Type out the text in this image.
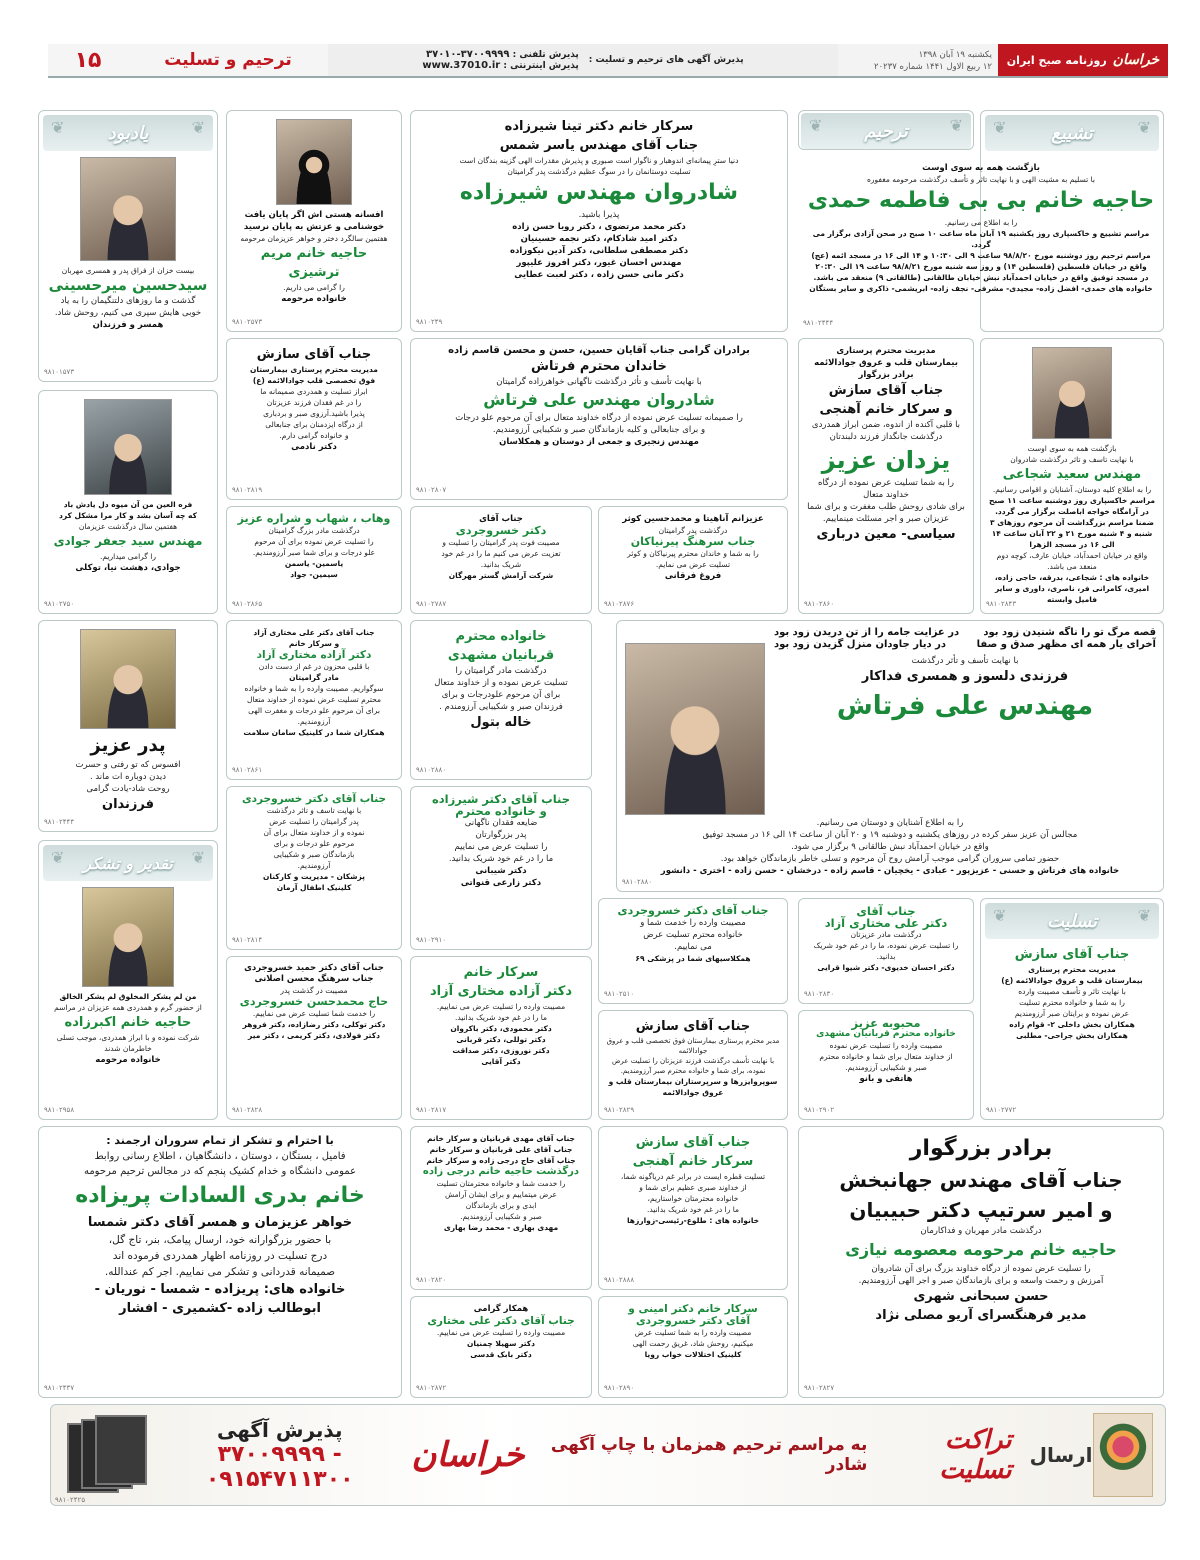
خراسان
روزنامه صبح ایران
یکشنبه ۱۹ آبان ۱۳۹۸
۱۲ ربیع الاول ۱۴۴۱ شماره ۲۰۲۳۷
پذیرش آگهی های ترحیم و تسلیت :
پذیرش تلفنی : ۳۷۰۰۹۹۹۹-۳۷۰۱۰
پذیرش اینترنتی : www.37010.ir
ترحیم و تسلیت
۱۵
❦ تشییع ❦
❦ ترحیم ❦
بازگشت همه به سوی اوست
با تسلیم به مشیت الهی و با نهایت تاثر و تأسف درگذشت مرحومه مغفوره
حاجیه خانم بی بی فاطمه حمدی
را به اطلاع می رسانیم.
مراسم تشییع و خاکسپاری روز یکشنبه ۱۹ آبان ماه ساعت ۱۰ صبح در صحن آزادی برگزار می گردد.
مراسم ترحیم روز دوشنبه مورخ ۹۸/۸/۲۰ ساعت ۹ الی ۱۰:۳۰ و ۱۴ الی ۱۶ در مسجد ائمه (عج)
واقع در خیابان فلسطین (فلسطین ۱۴) و روز سه شنبه مورخ ۹۸/۸/۲۱ ساعت ۱۹ الی ۲۰:۳۰
در مسجد توفیق واقع در خیابان احمدآباد نبش خیابان طالقانی (طالقانی ۹) منعقد می باشد.
خانواده های حمدی- افضل زاده- مجیدی- مشرفی- نجف زاده- ابریشمی- ذاکری و سایر بستگان
۹۸۱۰۲۴۴۴
سرکار خانم دکتر تینا شیرزاده
جناب آقای مهندس یاسر شمس
دنیا سترِ پیمانه‌ای اندوهبار و ناگوار است صبوری و پذیرش مقدرات الهی گزینه بندگان است
تسلیت دوستانمان را در سوگ عظیم درگذشت پدر گرامیتان
شادروان مهندس شیرزاده
پذیرا باشید.
دکتر محمد مرتضوی ، دکتر رویا حسن زاده
دکتر امید شادکام، دکتر نجمه حسینیان
دکتر مصطفی سلطانی، دکتر آدین نیکوزاده
مهندس احسان غیور، دکتر افروز علیپور
دکتر مانی حسن زاده ، دکتر لعبت عطایی
۹۸۱۰۲۴۹
افسانه هستی اش اگر پایان یافت
خوشنامی و عزتش به پایان نرسید
هفتمین سالگرد دختر و خواهر عزیزمان مرحومه
حاجیه خانم مریم ترشیزی
را گرامی می داریم.
خانواده مرحومه
۹۸۱۰۲۵۷۳
❦ یادبود ❦
بیست خزان از فراق پدر و همسری مهربان
سیدحسین میرحسینی
گذشت و ما روزهای دلتنگیمان را به یاد
خوبی هایش سپری می کنیم، روحش شاد.
همسر و فرزندان
۹۸۱۰۱۵۷۳
بازگشت همه به سوی اوست
با نهایت تاسف و تاثر درگذشت شادروان
مهندس سعید شجاعی
را به اطلاع کلیه دوستان، آشنایان و اقوامی رسانیم.
مراسم خاکسپاری روز دوشنبه ساعت ۱۱ صبح در آرامگاه خواجه اباصلت برگزار می گردد.
ضمنا مراسم بزرگداشت آن مرحوم روزهای ۳ شنبه و ۴ شنبه مورخ ۲۱ و ۲۲ آبان ساعت ۱۴ الی ۱۶ در مسجد الزهرا
واقع در خیابان احمدآباد، خیابان عارف، کوچه دوم منعقد می باشد.
خانواده های : شجاعی، بدرقه، حاجی زاده، امیری، کامرانی فر، ناصری، داوری و سایر فامیل وابسته
۹۸۱۰۲۸۴۳
مدیریت محترم پرستاری
بیمارستان قلب و عروق جوادالائمه
برادر بزرگوار
جناب آقای سازش
و سرکار خانم آهنجی
با قلبی آکنده از اندوه، ضمن ابراز همدردی
درگذشت جانگداز فرزند دلبندتان
یزدان عزیز
را به شما تسلیت عرض نموده از درگاه خداوند متعال
برای شادی روحش طلب مغفرت و برای شما
عزیزان صبر و اجر مسئلت مینماییم.
سیاسی- معین درباری
۹۸۱۰۲۸۶۰
برادران گرامی جناب آقایان حسین، حسن و محسن قاسم زاده
خاندان محترم فرتاش
با نهایت تأسف و تأثر درگذشت ناگهانی خواهرزاده گرامیتان
شادروان مهندس علی فرتاش
را صمیمانه تسلیت عرض نموده از درگاه خداوند متعال برای آن مرحوم علو درجات
و برای جنابعالی و کلیه بازماندگان صبر و شکیبایی آرزومندیم.
مهندس زنجیری و جمعی از دوستان و همکلاسان
۹۸۱۰۲۸۰۷
جناب آقای سازش
مدیریت محترم پرستاری بیمارستان
فوق تخصصی قلب جوادالائمه (ع)
ابراز تسلیت و همدردی صمیمانه ما
را در غم فقدان فرزند عزیزتان
پذیرا باشید.آرزوی صبر و بردباری
از درگاه ایزدمنان برای جنابعالی
و خانواده گرامی دارم.
دکتر نادمی
۹۸۱۰۲۸۱۹
فره العین من آن میوه دل یادش باد
که چه آسان بشد و کار مرا مشکل کرد
هفتمین سال درگذشت عزیزمان
مهندس سید جعفر جوادی
را گرامی میداریم.
جوادی، دهشت نیا، توکلی
۹۸۱۰۲۷۵۰
عزیزانم آناهیتا و محمدحسین کوثر
درگذشت پدر گرامیتان
جناب سرهنگ پیرنیاکان
را به شما و خاندان محترم پیرنیاکان و کوثر
تسلیت عرض می نمایم.
فروغ فرقانی
۹۸۱۰۲۸۷۶
جناب آقای
دکتر خسروجردی
مصیبت فوت پدر گرامیتان را تسلیت و
تعزیت عرض می کنیم ما را در غم خود
شریک بدانید.
شرکت آرامش گستر مهرگان
۹۸۱۰۲۷۸۷
وهاب ، شهاب و شراره عزیز
درگذشت مادر بزرگ گرامیتان
را تسلیت عرض نموده برای آن مرحوم
علو درجات و برای شما صبر آرزومندیم.
یاسمین- یاسمن
سیمین- جواد
۹۸۱۰۲۸۶۵
قصه مرگ تو را ناگه شنیدن زود بود
در عزایت جامه را از تن دریدن زود بود
آخرای یار همه ای مظهر صدق و صفا
در دیار جاودان منزل گزیدن زود بود
با نهایت تأسف و تأثر درگذشت
فرزندی دلسوز و همسری فداکار
مهندس علی فرتاش
را به اطلاع آشنایان و دوستان می رسانیم.
مجالس آن عزیز سفر کرده در روزهای یکشنبه و دوشنبه ۱۹ و ۲۰ آبان از ساعت ۱۴ الی ۱۶ در مسجد توفیق
واقع در خیابان احمدآباد نبش طالقانی ۹ برگزار می شود.
حضور تمامی سروران گرامی موجب آرامش روح آن مرحوم و تسلی خاطر بازماندگان خواهد بود.
خانواده های فرتاش و حسنی - عزیزپور - عبادی - یخچیان - قاسم زاده - درخشان - حسن زاده - اختری - دانشور
۹۸۱۰۲۸۸۰
خانواده محترم
قربانیان مشهدی
درگذشت مادر گرامیتان را
تسلیت عرض نموده و از خداوند متعال
برای آن مرحوم علودرجات و برای
فرزندان صبر و شکیبایی آرزومندم .
خاله بتول
۹۸۱۰۲۸۸۰
جناب آقای دکتر علی مختاری آزاد
و سرکار خانم
دکتر آزاده مختاری آزاد
با قلبی محزون در غم از دست دادن
مادر گرامیتان
سوگواریم. مصیبت وارده را به شما و خانواده
محترم تسلیت عرض نموده از خداوند متعال
برای آن مرحوم علو درجات و مغفرت الهی آرزومندیم.
همکاران شما در کلینیک سامان سلامت
۹۸۱۰۲۸۶۱
پدر عزیز
افسوس که تو رفتی و حسرت
دیدن دوباره ات ماند .
روحت شاد-یادت گرامی
فرزندان
۹۸۱۰۲۴۴۴
جناب آقای دکتر شیرزاده
و خانواده محترم
ضایعه فقدان ناگهانی
پدر بزرگوارتان
را تسلیت عرض می نماییم
ما را در غم خود شریک بدانید.
دکتر شیبانی
دکتر زارعی قنواتی
۹۸۱۰۲۹۱۰
جناب آقای دکتر خسروجردی
با نهایت تاسف و تاثر درگذشت
پدر گرامیتان را تسلیت عرض
نموده و از خداوند متعال برای آن
مرحوم علو درجات و برای
بازماندگان صبر و شکیبایی
آرزومندیم.
پزشکان - مدیریت و کارکنان
کلینیک اطفال آرمان
۹۸۱۰۲۸۱۴
❦ تقدیر و تشکر ❦
من لم یشکر المخلوق لم یشکر الخالق
از حضور گرم و همدردی همه عزیزان در مراسم
حاجیه خانم اکبرزاده
شرکت نموده و با ابراز همدردی، موجب تسلی خاطرمان شدند
خانواده مرحومه
۹۸۱۰۲۹۵۸
❦ تسلیت ❦
جناب آقای سازش
مدیریت محترم پرستاری
بیمارستان قلب و عروق جوادالائمه (ع)
با نهایت تاثر و تأسف مصیبت وارده
را به شما و خانواده محترم تسلیت
عرض نموده و برایتان صبر آرزومندیم
همکاران بخش داخلی ۲- قوام زاده
همکاران بخش جراحی- مطلبی
۹۸۱۰۲۷۷۲
جناب آقای
دکتر علی مختاری آزاد
درگذشت مادر عزیزتان
را تسلیت عرض نموده، ما را در غم خود شریک بدانید.
دکتر احسان خدیوی- دکتر شیوا قرایی
۹۸۱۰۲۸۳۰
جناب آقای دکتر خسروجردی
مصیبت وارده را خدمت شما و
خانواده محترم تسلیت عرض
می نماییم.
همکلاسیهای شما در پزشکی ۶۹
۹۸۱۰۲۵۱۰
محبوبه عزیز
خانواده محترم قربانیان مشهدی
مصیبت وارده را تسلیت عرض نموده
از خداوند متعال برای شما و خانواده محترم
صبر و شکیبایی آرزومندیم.
هاتفی و بانو
۹۸۱۰۲۹۰۲
جناب آقای سازش
مدیر محترم پرستاری بیمارستان فوق تخصصی قلب و عروق جوادالائمه
با نهایت تأسف درگذشت فرزند عزیزتان را تسلیت عرض نموده، برای شما و خانواده محترم صبر آرزومندیم.
سوپروایزرها و سرپرستاران بیمارستان قلب و
عروق جوادالائمه
۹۸۱۰۲۸۲۹
سرکار خانم
دکتر آزاده مختاری آزاد
مصیبت وارده را تسلیت عرض می نماییم.
ما را در غم خود شریک بدانید.
دکتر محمودی، دکتر باکروان
دکتر توللی، دکتر قربانی
دکتر نوروزی، دکتر صداقت
دکتر آقایی
۹۸۱۰۲۸۱۷
جناب آقای دکتر حمید خسروجردی
جناب سرهنگ محسن اصلانی
مصیبت در گذشت پدر
حاج محمدحسن خسروجردی
را خدمت شما تسلیت عرض می نماییم.
دکتر توکلی، دکتر رضازاده، دکتر فروهر
دکتر فولادی، دکتر کریمی ، دکتر میر
۹۸۱۰۲۸۲۸
برادر بزرگوار
جناب آقای مهندس جهانبخش
و امیر سرتیپ دکتر حبیبیان
درگذشت مادر مهربان و فداکارمان
حاجیه خانم مرحومه معصومه نیازی
را تسلیت عرض نموده از درگاه خداوند بزرگ برای آن شادروان
آمرزش و رحمت واسعه و برای بازماندگان صبر و اجر الهی آرزومندیم.
حسن سبحانی شهری
مدیر فرهنگسرای آریو مصلی نژاد
۹۸۱۰۲۸۲۷
جناب آقای سازش
سرکار خانم آهنجی
تسلیت قطره ایست در برابر غم دریاگونه شما،
از خداوند صبری عظیم برای شما و
خانواده محترمتان خواستاریم،
ما را در غم خود شریک بدانید.
خانواده های : طلوع-رئیسی-زوارزها
۹۸۱۰۲۸۸۸
جناب آقای مهدی قربانیان و سرکار خانم
جناب آقای علی قربانیان و سرکار خانم
جناب آقای حاج درجی زاده و سرکار خانم
درگذشت حاجیه خانم درجی زاده
را خدمت شما و خانواده محترمتان تسلیت
عرض میتماییم و برای ایشان آرامش
ابدی و برای بازماندگان
صبر و شکیبایی آرزومندیم.
مهدی بهاری - محمد رضا بهاری
۹۸۱۰۲۸۲۰
با احترام و تشکر از تمام سروران ارجمند :
فامیل ، بستگان ، دوستان ، دانشگاهیان ، اطلاع رسانی روابط
عمومی دانشگاه و خدام کشیک پنجم که در مجالس ترحیم مرحومه
خانم بدری السادات پریزاده
خواهر عزیزمان و همسر آقای دکتر شمسا
با حضور بزرگوارانه خود، ارسال پیامک، بنر، تاج گل،
درج تسلیت در روزنامه اظهار همدردی فرموده اند
صمیمانه قدردانی و تشکر می نماییم. اجر کم عندالله.
خانواده های: پریزاده - شمسا - نوریان -
ابوطالب زاده -کشمیری - افشار
۹۸۱۰۲۴۳۷
سرکار خانم دکتر امینی و
آقای دکتر خسروجردی
مصیبت وارده را به شما تسلیت عرض
میکنیم، روحش شاد، غریق رحمت الهی
کلینیک اختلالات خواب رویا
۹۸۱۰۲۸۹۰
همکار گرامی
جناب آقای دکتر علی مختاری
مصیبت وارده را تسلیت عرض می نماییم.
دکتر سهیلا چمنیان
دکتر بابک قدسی
۹۸۱۰۲۸۷۲
ارسال
تراکت تسلیت
به مراسم ترحیم همزمان با چاپ آگهی شادر
خراسان
پذیرش آگهی
۳۷۰۰۹۹۹۹ - ۰۹۱۵۴۷۱۱۳۰۰
۹۸۱۰۲۴۲۵
